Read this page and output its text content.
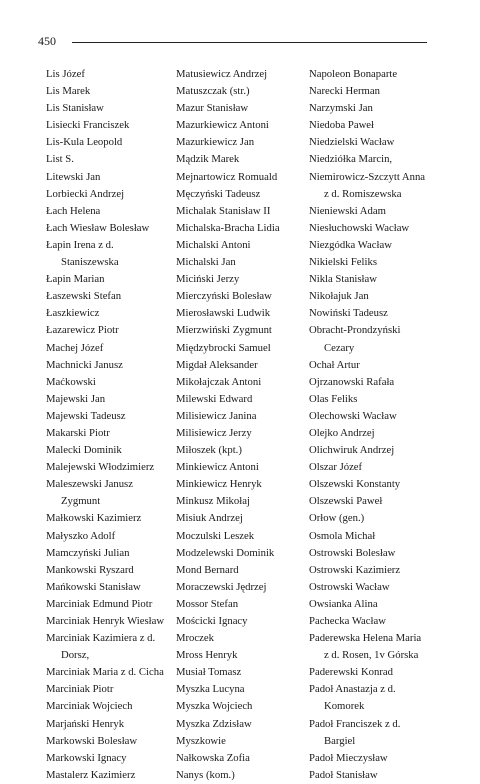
450
Lis Józef
Lis Marek
Lis Stanisław
Lisiecki Franciszek
Lis-Kula Leopold
List S.
Litewski Jan
Lorbiecki Andrzej
Łach Helena
Łach Wiesław Bolesław
Łapin Irena z d.
Staniszewska
Łapin Marian
Łaszewski Stefan
Łaszkiewicz
Łazarewicz Piotr
Machej Józef
Machnicki Janusz
Maćkowski
Majewski Jan
Majewski Tadeusz
Makarski Piotr
Malecki Dominik
Malejewski Włodzimierz
Maleszewski Janusz
Zygmunt
Małkowski Kazimierz
Małyszko Adolf
Mamczyński Julian
Mankowski Ryszard
Mańkowski Stanisław
Marciniak Edmund Piotr
Marciniak Henryk Wiesław
Marciniak Kazimiera z d.
Dorsz,
Marciniak Maria z d. Cicha
Marciniak Piotr
Marciniak Wojciech
Marjański Henryk
Markowski Bolesław
Markowski Ignacy
Mastalerz Kazimierz
Matusiewicz Andrzej
Matuszczak (str.)
Mazur Stanisław
Mazurkiewicz Antoni
Mazurkiewicz Jan
Mądzik Marek
Mejnartowicz Romuald
Męczyński Tadeusz
Michalak Stanisław II
Michalska-Bracha Lidia
Michalski Antoni
Michalski Jan
Miciński Jerzy
Mierczyński Bolesław
Mierosławski Ludwik
Mierzwiński Zygmunt
Międzybrocki Samuel
Migdał Aleksander
Mikołajczak Antoni
Milewski Edward
Milisiewicz Janina
Milisiewicz Jerzy
Miłoszek (kpt.)
Minkiewicz Antoni
Minkiewicz Henryk
Minkusz Mikołaj
Misiuk Andrzej
Moczulski Leszek
Modzelewski Dominik
Mond Bernard
Moraczewski Jędrzej
Mossor Stefan
Mościcki Ignacy
Mroczek
Mross Henryk
Musiał Tomasz
Myszka Lucyna
Myszka Wojciech
Myszka Zdzisław
Myszkowie
Nałkowska Zofia
Nanys (kom.)
Napoleon Bonaparte
Narecki Herman
Narzymski Jan
Niedoba Paweł
Niedzielski Wacław
Niedziółka Marcin,
Niemirowicz-Szczytt Anna
z d. Romiszewska
Nieniewski Adam
Niesłuchowski Wacław
Niezgódka Wacław
Nikielski Feliks
Nikla Stanisław
Nikołajuk Jan
Nowiński Tadeusz
Obracht-Prondzyński
Cezary
Ochał Artur
Ojrzanowski Rafała
Olas Feliks
Olechowski Wacław
Olejko Andrzej
Olichwiruk Andrzej
Olszar Józef
Olszewski Konstanty
Olszewski Paweł
Orłow (gen.)
Osmola Michał
Ostrowski Bolesław
Ostrowski Kazimierz
Ostrowski Wacław
Owsianka Alina
Pachecka Wacław
Paderewska Helena Maria
z d. Rosen, 1v Górska
Paderewski Konrad
Padoł Anastazja z d.
Komorek
Padoł Franciszek z d.
Bargiel
Padoł Mieczysław
Padoł Stanisław
